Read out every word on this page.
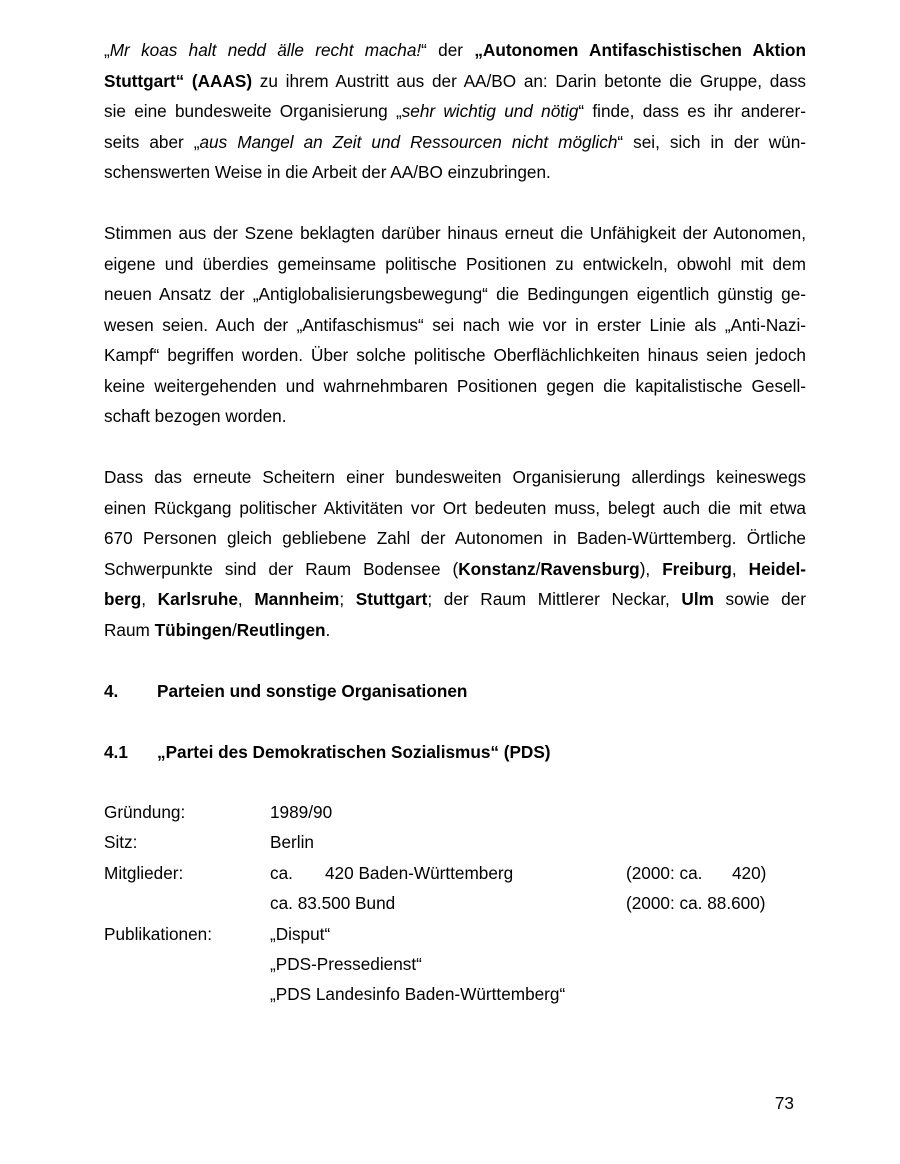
„Mr koas halt nedd älle recht macha!“ der „Autonomen Antifaschistischen Aktion
Stuttgart“ (AAAS) zu ihrem Austritt aus der AA/BO an: Darin betonte die Gruppe, dass
sie eine bundesweite Organisierung „sehr wichtig und nötig“ finde, dass es ihr anderer-
seits aber „aus Mangel an Zeit und Ressourcen nicht möglich“ sei, sich in der wün-
schenswerten Weise in die Arbeit der AA/BO einzubringen.
Stimmen aus der Szene beklagten darüber hinaus erneut die Unfähigkeit der Autonomen,
eigene und überdies gemeinsame politische Positionen zu entwickeln, obwohl mit dem
neuen Ansatz der „Antiglobalisierungsbewegung“ die Bedingungen eigentlich günstig ge-
wesen seien. Auch der „Antifaschismus“ sei nach wie vor in erster Linie als „Anti-Nazi-
Kampf“ begriffen worden. Über solche politische Oberflächlichkeiten hinaus seien jedoch
keine weitergehenden und wahrnehmbaren Positionen gegen die kapitalistische Gesell-
schaft bezogen worden.
Dass das erneute Scheitern einer bundesweiten Organisierung allerdings keineswegs
einen Rückgang politischer Aktivitäten vor Ort bedeuten muss, belegt auch die mit etwa
670 Personen gleich gebliebene Zahl der Autonomen in Baden-Württemberg. Örtliche
Schwerpunkte sind der Raum Bodensee (Konstanz/Ravensburg), Freiburg, Heidel-
berg, Karlsruhe, Mannheim; Stuttgart; der Raum Mittlerer Neckar, Ulm sowie der
Raum Tübingen/Reutlingen.
4. Parteien und sonstige Organisationen
4.1 „Partei des Demokratischen Sozialismus“ (PDS)
Gründung:	1989/90
Sitz:	Berlin
Mitglieder:	ca. 420 Baden-Württemberg	(2000: ca. 420)
ca. 83.500 Bund	(2000: ca. 88.600)
Publikationen:	„Disput“
„PDS-Pressedienst“
„PDS Landesinfo Baden-Württemberg“
73
